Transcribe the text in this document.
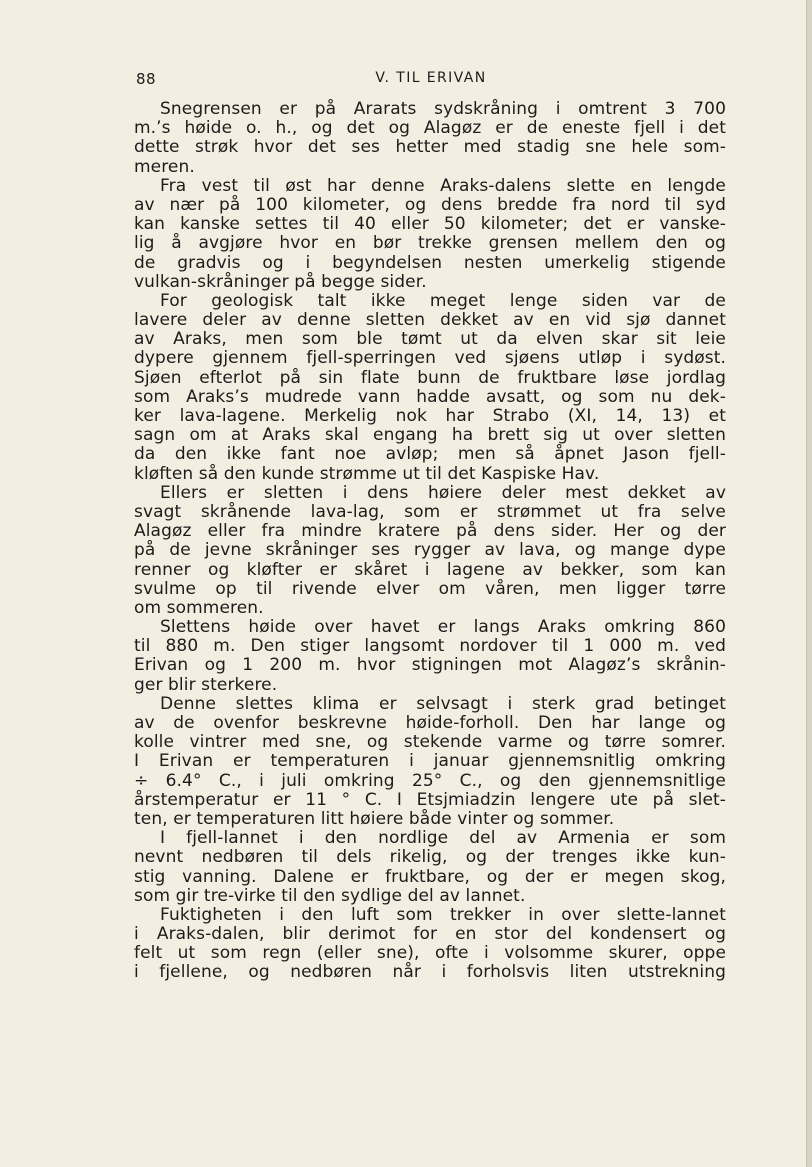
88	V. TIL ERIVAN
Snegrensen er på Ararats sydskråning i omtrent 3 700
m.’s høide o. h., og det og Alagøz er de eneste fjell i det
dette strøk hvor det ses hetter med stadig sne hele som-
meren.
Fra vest til øst har denne Araks-dalens slette en lengde
av nær på 100 kilometer, og dens bredde fra nord til syd
kan kanske settes til 40 eller 50 kilometer; det er vanske-
lig å avgjøre hvor en bør trekke grensen mellem den og
de gradvis og i begyndelsen nesten umerkelig stigende
vulkan-skråninger på begge sider.
For geologisk talt ikke meget lenge siden var de
lavere deler av denne sletten dekket av en vid sjø dannet
av Araks, men som ble tømt ut da elven skar sit leie
dypere gjennem fjell-sperringen ved sjøens utløp i sydøst.
Sjøen efterlot på sin flate bunn de fruktbare løse jordlag
som Araks’s mudrede vann hadde avsatt, og som nu dek-
ker lava-lagene. Merkelig nok har Strabo (XI, 14, 13) et
sagn om at Araks skal engang ha brett sig ut over sletten
da den ikke fant noe avløp; men så åpnet Jason fjell-
kløften så den kunde strømme ut til det Kaspiske Hav.
Ellers er sletten i dens høiere deler mest dekket av
svagt skrånende lava-lag, som er strømmet ut fra selve
Alagøz eller fra mindre kratere på dens sider. Her og der
på de jevne skråninger ses rygger av lava, og mange dype
renner og kløfter er skåret i lagene av bekker, som kan
svulme op til rivende elver om våren, men ligger tørre
om sommeren.
Slettens høide over havet er langs Araks omkring 860
til 880 m. Den stiger langsomt nordover til 1 000 m. ved
Erivan og 1 200 m. hvor stigningen mot Alagøz’s skrånin-
ger blir sterkere.
Denne slettes klima er selvsagt i sterk grad betinget
av de ovenfor beskrevne høide-forholl. Den har lange og
kolle vintrer med sne, og stekende varme og tørre somrer.
I Erivan er temperaturen i januar gjennemsnitlig omkring
÷ 6.4° C., i juli omkring 25° C., og den gjennemsnitlige
årstemperatur er 11 ° C. I Etsjmiadzin lengere ute på slet-
ten, er temperaturen litt høiere både vinter og sommer.
I fjell-lannet i den nordlige del av Armenia er som
nevnt nedbøren til dels rikelig, og der trenges ikke kun-
stig vanning. Dalene er fruktbare, og der er megen skog,
som gir tre-virke til den sydlige del av lannet.
Fuktigheten i den luft som trekker in over slette-lannet
i Araks-dalen, blir derimot for en stor del kondensert og
felt ut som regn (eller sne), ofte i volsomme skurer, oppe
i fjellene, og nedbøren når i forholsvis liten utstrekning
